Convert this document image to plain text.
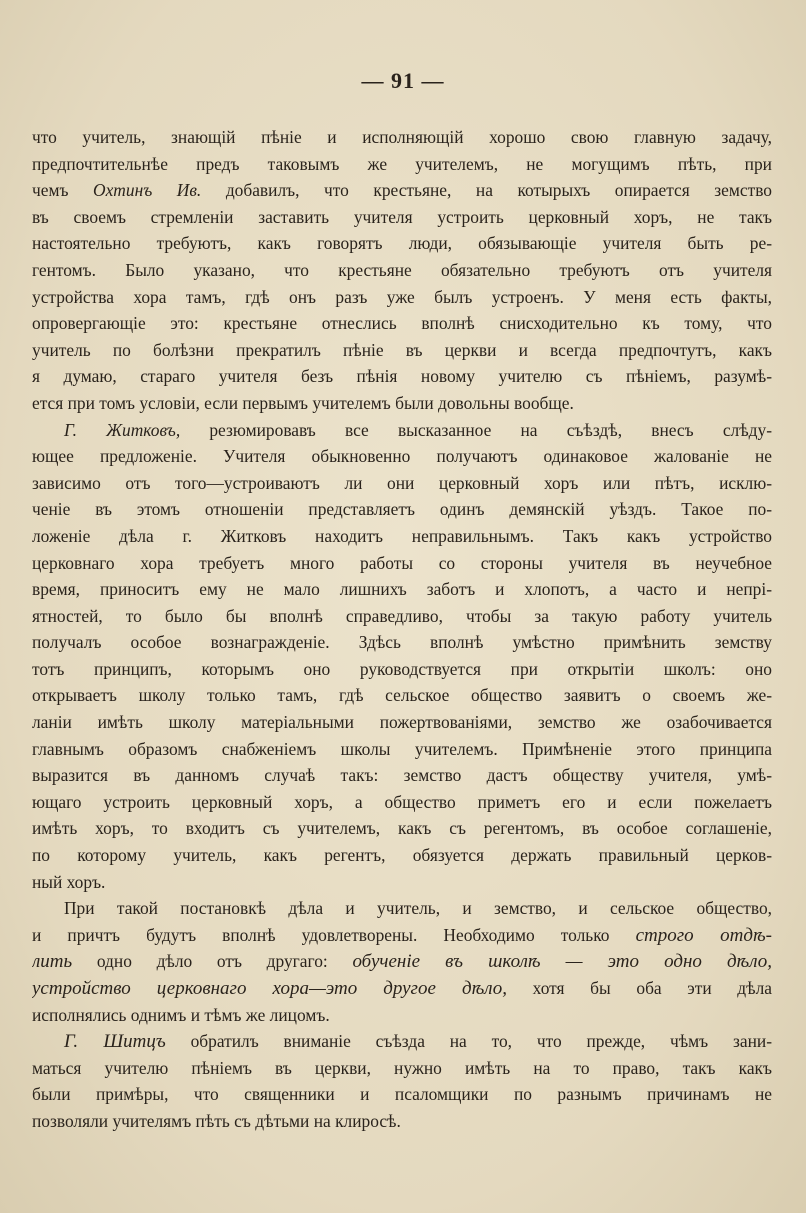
— 91 —
что учитель, знающій пѣніе и исполняющій хорошо свою главную задачу,
предпочтительнѣе предъ таковымъ же учителемъ, не могущимъ пѣть, при
чемъ Охтинъ Ив. добавилъ, что крестьяне, на котырыхъ опирается земство
въ своемъ стремленіи заставить учителя устроить церковный хоръ, не такъ
настоятельно требуютъ, какъ говорятъ люди, обязывающіе учителя быть ре-
гентомъ. Было указано, что крестьяне обязательно требуютъ отъ учителя
устройства хора тамъ, гдѣ онъ разъ уже былъ устроенъ. У меня есть факты,
опровергающіе это: крестьяне отнеслись вполнѣ снисходительно къ тому, что
учитель по болѣзни прекратилъ пѣніе въ церкви и всегда предпочтутъ, какъ
я думаю, стараго учителя безъ пѣнія новому учителю съ пѣніемъ, разумѣ-
ется при томъ условіи, если первымъ учителемъ были довольны вообще.
Г. Житковъ, резюмировавъ все высказанное на съѣздѣ, внесъ слѣду-
ющее предложеніе. Учителя обыкновенно получаютъ одинаковое жалованіе не
зависимо отъ того—устроиваютъ ли они церковный хоръ или пѣтъ, исклю-
ченіе въ этомъ отношеніи представляетъ одинъ демянскій уѣздъ. Такое по-
ложеніе дѣла г. Житковъ находитъ неправильнымъ. Такъ какъ устройство
церковнаго хора требуетъ много работы со стороны учителя въ неучебное
время, приноситъ ему не мало лишнихъ заботъ и хлопотъ, а часто и непрі-
ятностей, то было бы вполнѣ справедливо, чтобы за такую работу учитель
получалъ особое вознагражденіе. Здѣсь вполнѣ умѣстно примѣнить земству
тотъ принципъ, которымъ оно руководствуется при открытіи школъ: оно
открываетъ школу только тамъ, гдѣ сельское общество заявитъ о своемъ же-
ланіи имѣть школу матеріальными пожертвованіями, земство же озабочивается
главнымъ образомъ снабженіемъ школы учителемъ. Примѣненіе этого принципа
выразится въ данномъ случаѣ такъ: земство дастъ обществу учителя, умѣ-
ющаго устроить церковный хоръ, а общество приметъ его и если пожелаетъ
имѣть хоръ, то входитъ съ учителемъ, какъ съ регентомъ, въ особое соглашеніе,
по которому учитель, какъ регентъ, обязуется держать правильный церков-
ный хоръ.
При такой постановкѣ дѣла и учитель, и земство, и сельское общество,
и причтъ будутъ вполнѣ удовлетворены. Необходимо только строго отдѣ-
лить одно дѣло отъ другаго: обученіе въ школѣ — это одно дѣло,
устройство церковнаго хора—это другое дѣло, хотя бы оба эти дѣла
исполнялись однимъ и тѣмъ же лицомъ.
Г. Шитцъ обратилъ вниманіе съѣзда на то, что прежде, чѣмъ зани-
маться учителю пѣніемъ въ церкви, нужно имѣть на то право, такъ какъ
были примѣры, что священники и псаломщики по разнымъ причинамъ не
позволяли учителямъ пѣть съ дѣтьми на клиросѣ.
